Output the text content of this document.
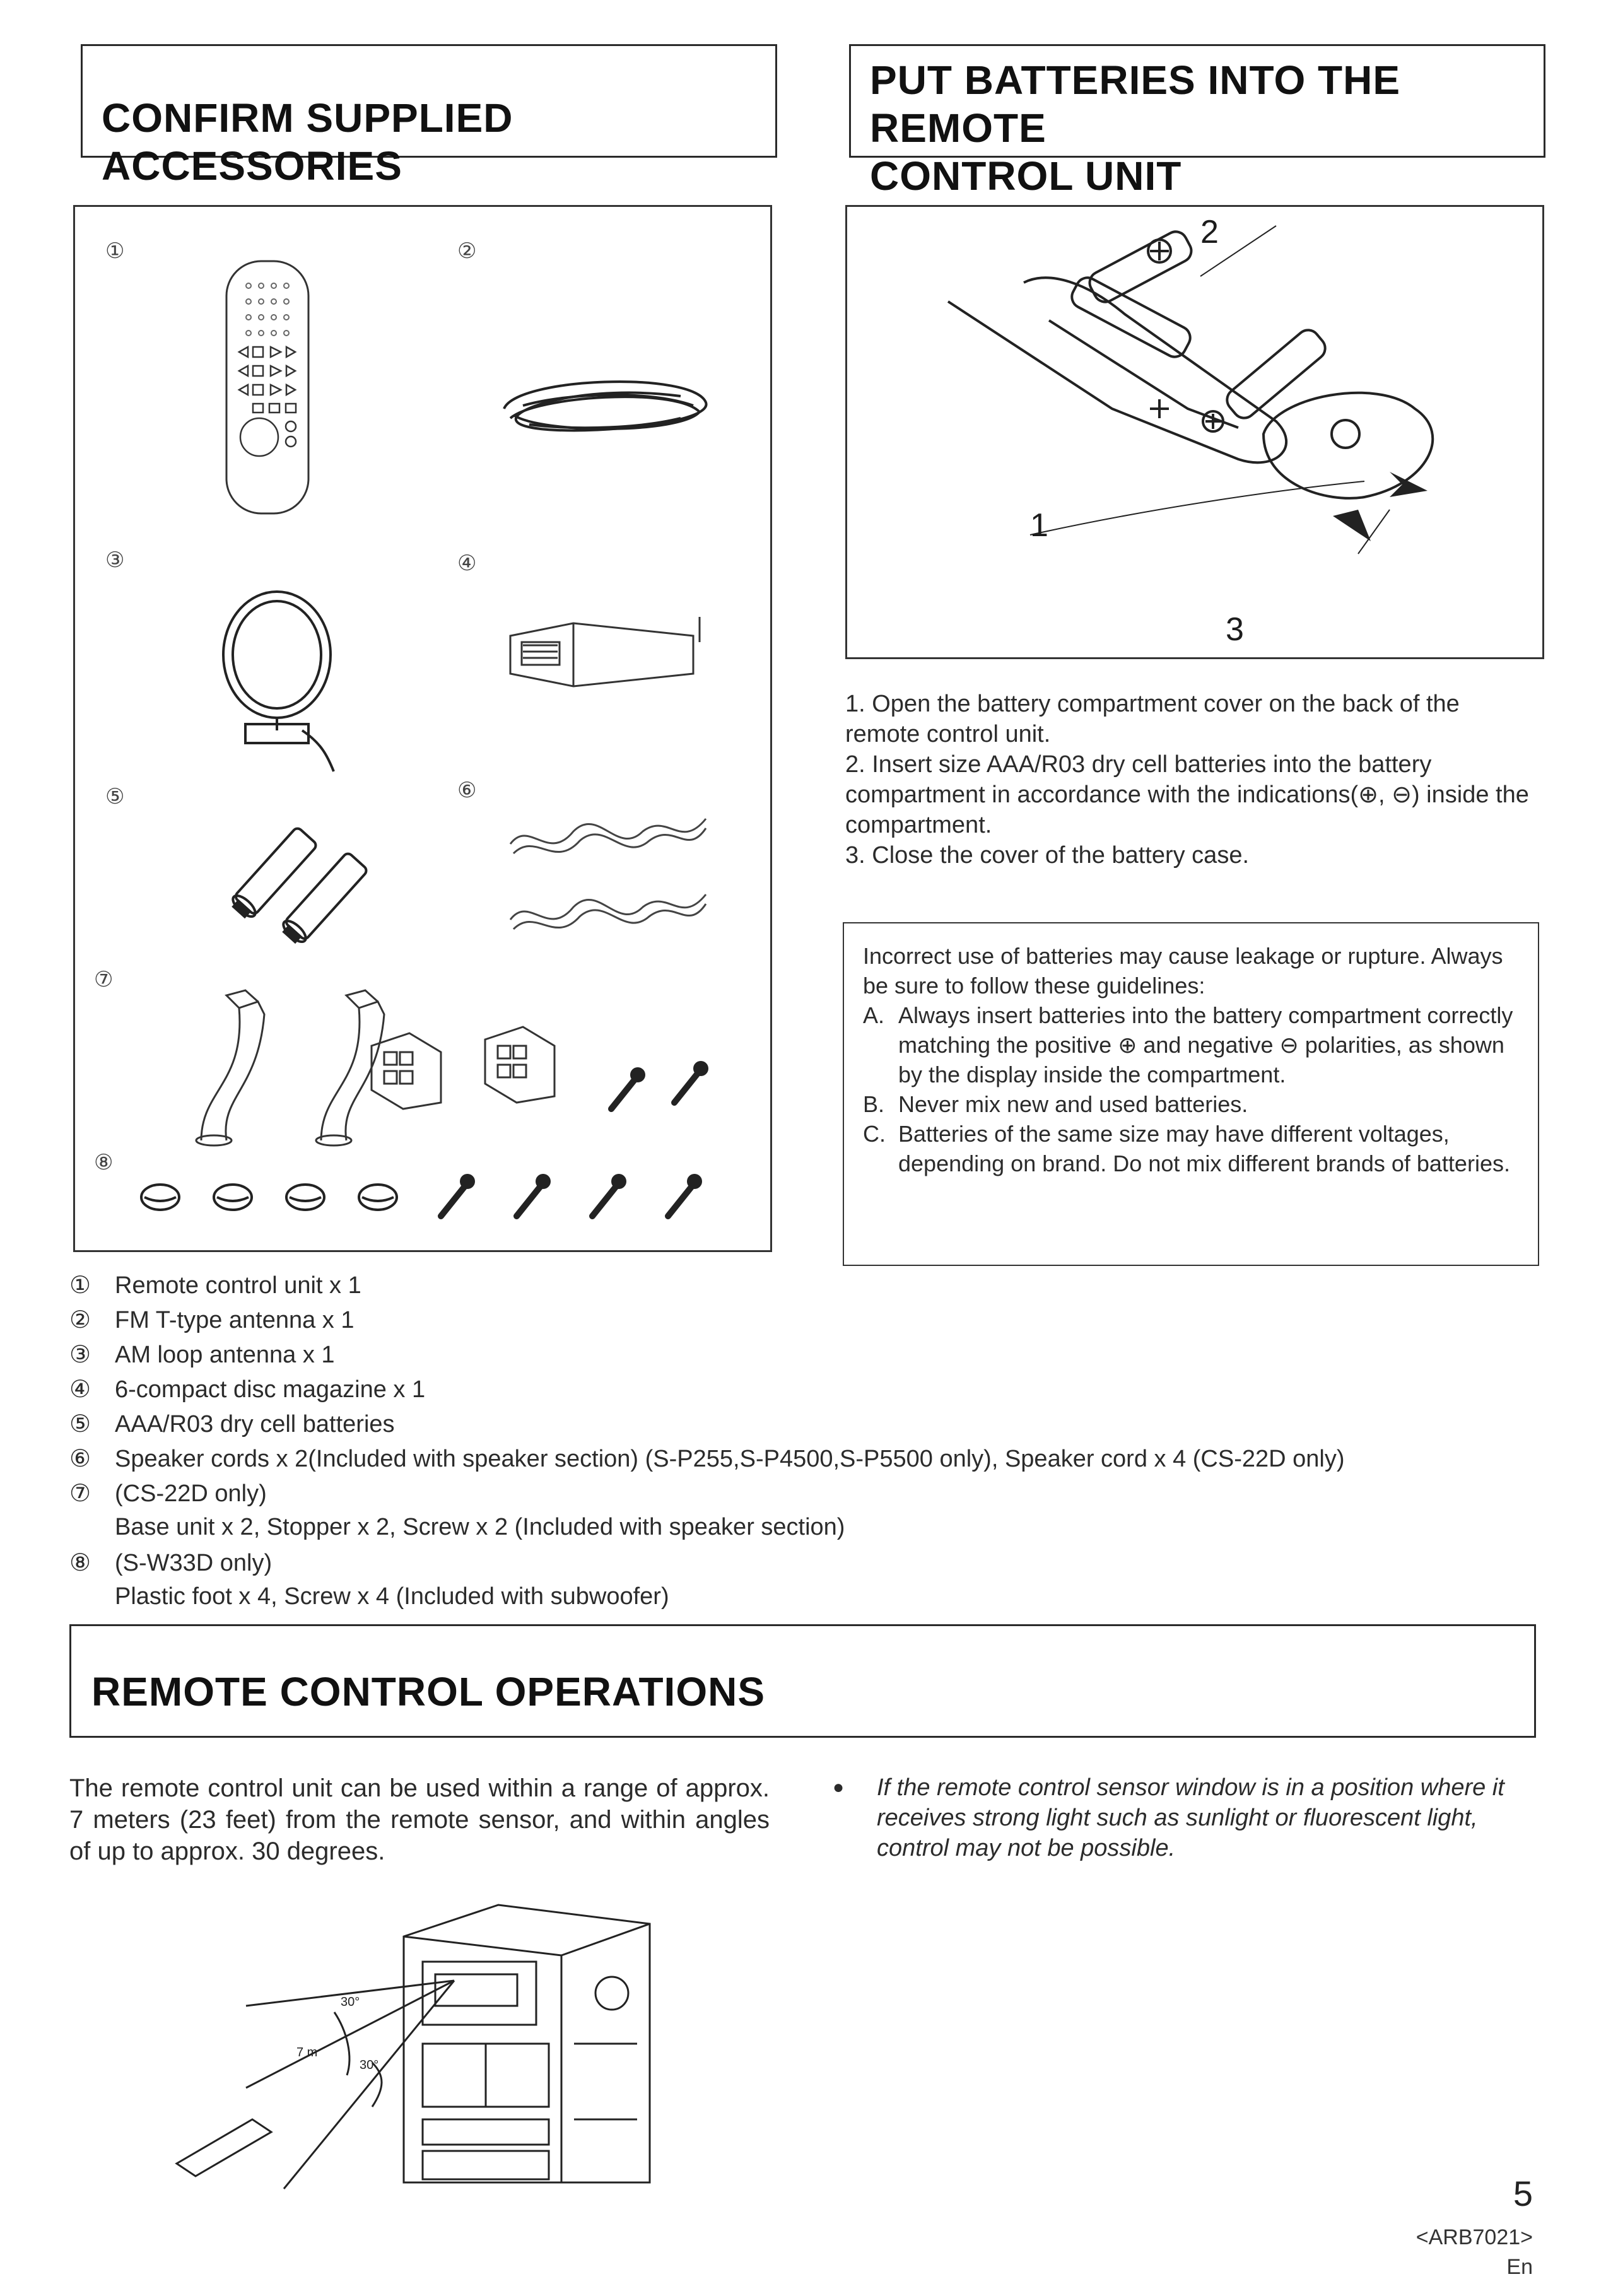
CONFIRM SUPPLIED ACCESSORIES
PUT BATTERIES INTO THE REMOTE
CONTROL UNIT
①	②
③	④
⑤	⑥
⑦
⑧
1
2
3
1. Open the battery compartment cover on the back of the remote control unit.
2. Insert size AAA/R03 dry cell batteries into the battery compartment in accordance with the indications(⊕, ⊖) inside the compartment.
3. Close the cover of the battery case.
Incorrect use of batteries may cause leakage or rupture. Always be sure to follow these guidelines:
A. Always insert batteries into the battery compartment correctly matching the positive ⊕ and negative ⊖ polarities, as shown by the display inside the compartment.
B. Never mix new and used batteries.
C. Batteries of the same size may have different voltages, depending on brand. Do not mix different brands of batteries.
① Remote control unit x 1
② FM T-type antenna x 1
③ AM loop antenna x 1
④ 6-compact disc magazine x 1
⑤ AAA/R03 dry cell batteries
⑥ Speaker cords x 2(Included with speaker section) (S-P255,S-P4500,S-P5500 only), Speaker cord x 4 (CS-22D only)
⑦ (CS-22D only)
Base unit x 2, Stopper x 2, Screw x 2 (Included with speaker section)
⑧ (S-W33D only)
Plastic foot x 4, Screw x 4 (Included with subwoofer)
REMOTE CONTROL OPERATIONS
The remote control unit can be used within a range of approx. 7 meters (23 feet) from the remote sensor, and within angles of up to approx. 30 degrees.
●	If the remote control sensor window is in a position where it receives strong light such as sunlight or fluorescent light, control may not be possible.
30°
7 m
30°
5
<ARB7021>
En
